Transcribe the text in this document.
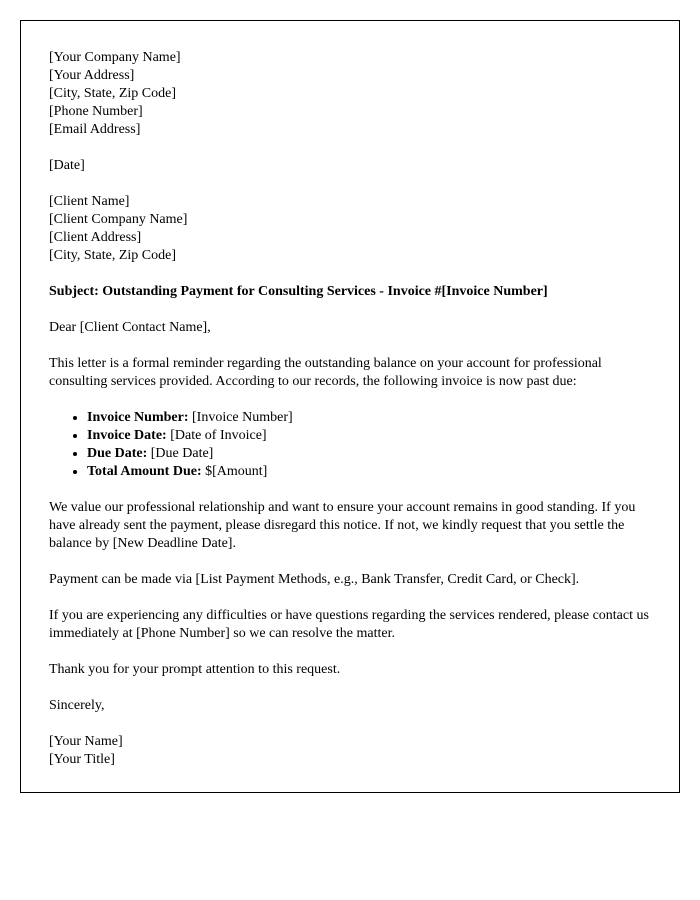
[Your Company Name]
[Your Address]
[City, State, Zip Code]
[Phone Number]
[Email Address]
[Date]
[Client Name]
[Client Company Name]
[Client Address]
[City, State, Zip Code]

Subject: Outstanding Payment for Consulting Services - Invoice #[Invoice Number]

Dear [Client Contact Name],

This letter is a formal reminder regarding the outstanding balance on your account for professional consulting services provided. According to our records, the following invoice is now past due:

• Invoice Number: [Invoice Number]
• Invoice Date: [Date of Invoice]
• Due Date: [Due Date]
• Total Amount Due: $[Amount]

We value our professional relationship and want to ensure your account remains in good standing. If you have already sent the payment, please disregard this notice. If not, we kindly request that you settle the balance by [New Deadline Date].

Payment can be made via [List Payment Methods, e.g., Bank Transfer, Credit Card, or Check].

If you are experiencing any difficulties or have questions regarding the services rendered, please contact us immediately at [Phone Number] so we can resolve the matter.

Thank you for your prompt attention to this request.

Sincerely,

[Your Name]
[Your Title]
